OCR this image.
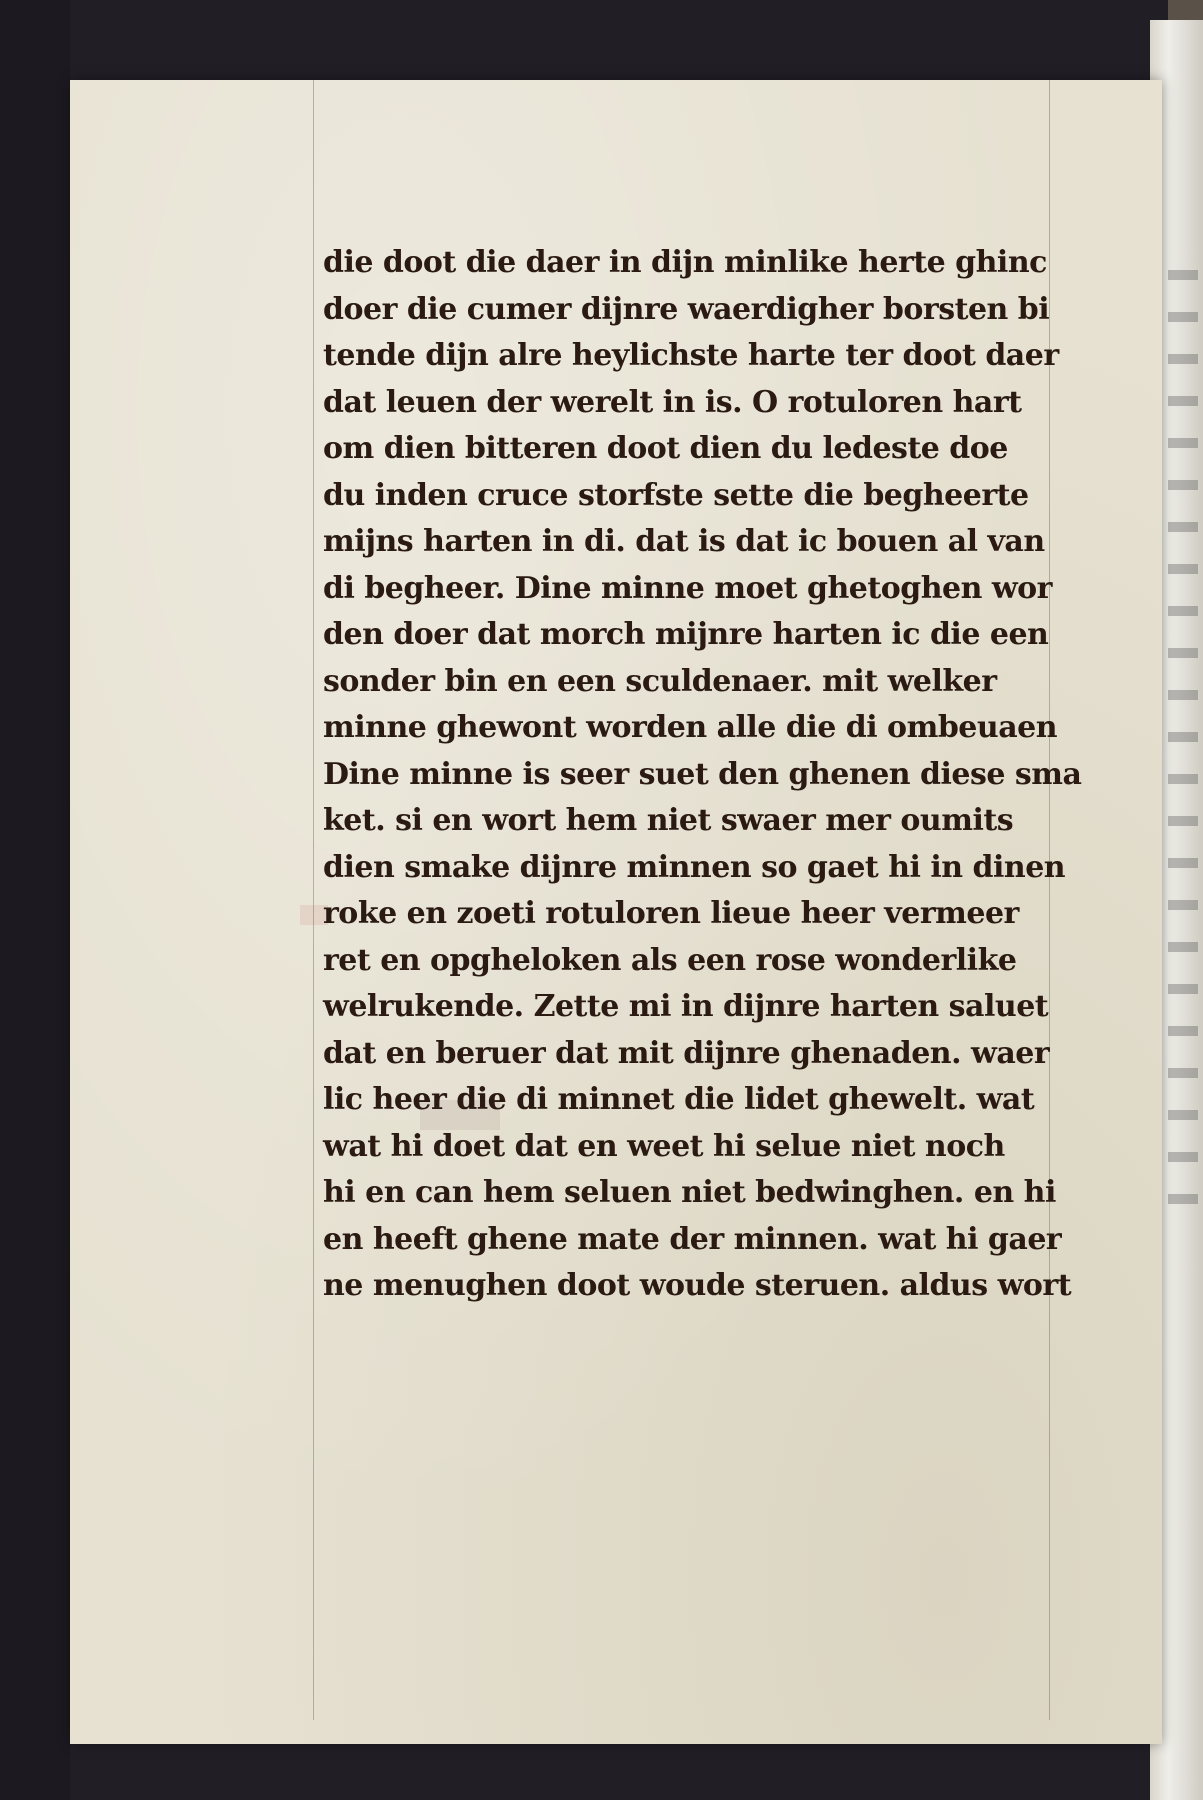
die doot die daer in dijn minlike herte ghinc
doer die cumer dijnre waerdigher borsten bi
tende dijn alre heylichste harte ter doot daer
dat leuen der werelt in is. O rotuloren hart
om dien bitteren doot dien du ledeste doe
du inden cruce storfste sette die begheerte
mijns harten in di. dat is dat ic bouen al van
di begheer. Dine minne moet ghetoghen wor
den doer dat morch mijnre harten ic die een
sonder bin en een sculdenaer. mit welker
minne ghewont worden alle die di ombeuaen
Dine minne is seer suet den ghenen diese sma
ket. si en wort hem niet swaer mer oumits
dien smake dijnre minnen so gaet hi in dinen
roke en zoeti rotuloren lieue heer vermeer
ret en opgheloken als een rose wonderlike
welrukende. Zette mi in dijnre harten saluet
dat en beruer dat mit dijnre ghenaden. waer
lic heer die di minnet die lidet ghewelt. wat
wat hi doet dat en weet hi selue niet noch
hi en can hem seluen niet bedwinghen. en hi
en heeft ghene mate der minnen. wat hi gaer
ne menughen doot woude steruen. aldus wort
